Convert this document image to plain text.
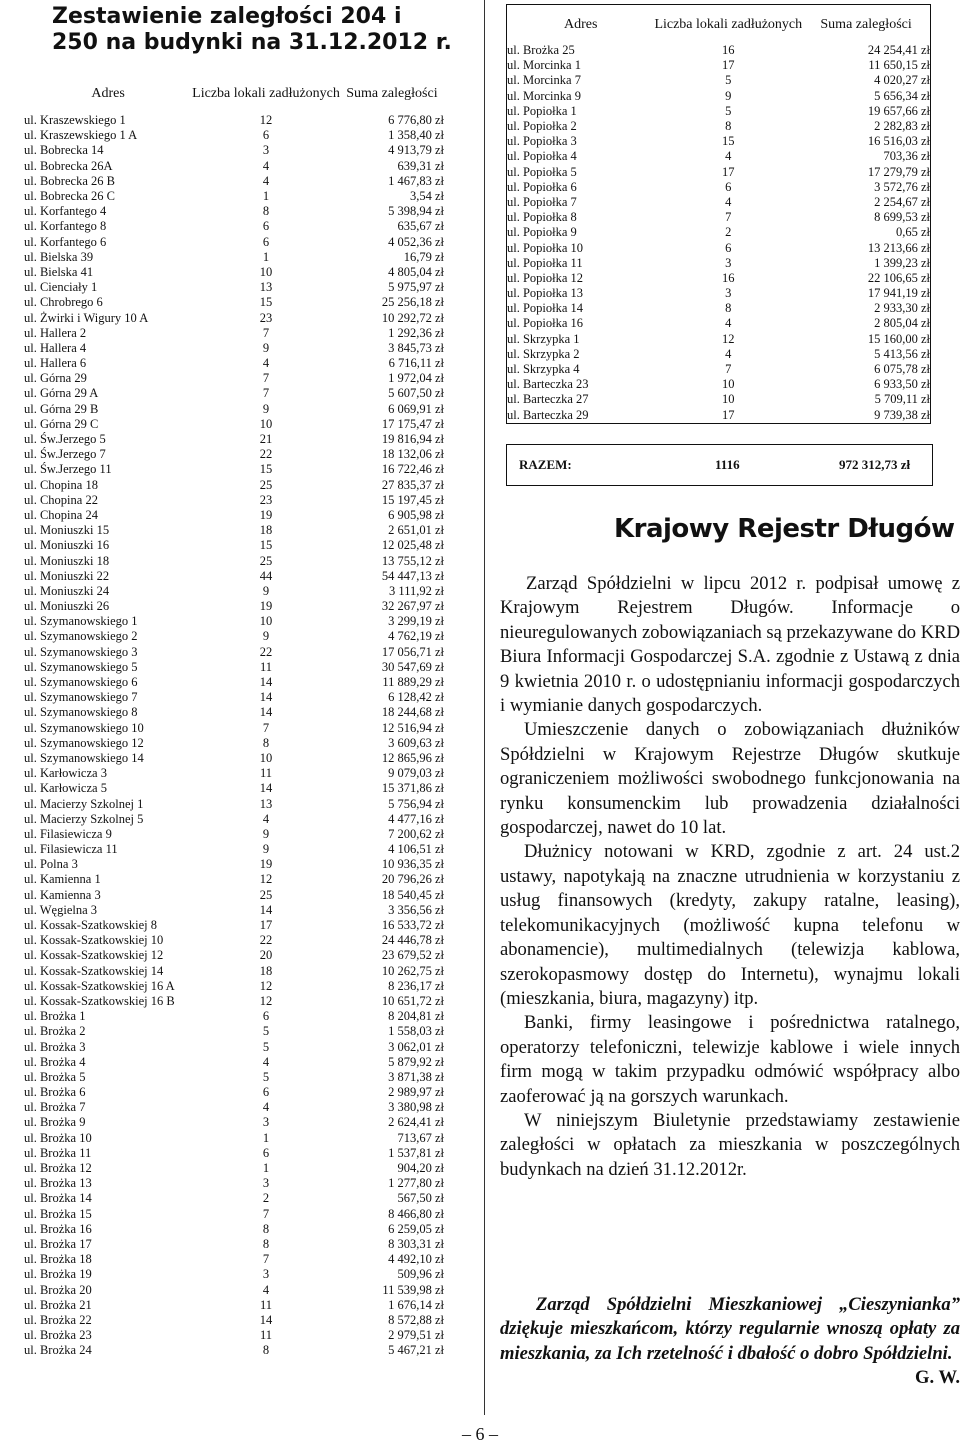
Zestawienie zaległości 204 i 250 na budynki na 31.12.2012 r.
Adres	Liczba lokali zadłużonych	Suma zaległości
ul. Kraszewskiego 1	12	6 776,80 zł
ul. Kraszewskiego 1 A	6	1 358,40 zł
ul. Bobrecka 14	3	4 913,79 zł
ul. Bobrecka 26A	4	639,31 zł
ul. Bobrecka 26 B	4	1 467,83 zł
ul. Bobrecka 26 C	1	3,54 zł
ul. Korfantego 4	8	5 398,94 zł
ul. Korfantego 8	6	635,67 zł
ul. Korfantego 6	6	4 052,36 zł
ul. Bielska 39	1	16,79 zł
ul. Bielska 41	10	4 805,04 zł
ul. Cienciały 1	13	5 975,97 zł
ul. Chrobrego 6	15	25 256,18 zł
ul. Żwirki i Wigury 10 A	23	10 292,72 zł
ul. Hallera 2	7	1 292,36 zł
ul. Hallera 4	9	3 845,73 zł
ul. Hallera 6	4	6 716,11 zł
ul. Górna 29	7	1 972,04 zł
ul. Górna 29 A	7	5 607,50 zł
ul. Górna 29 B	9	6 069,91 zł
ul. Górna 29 C	10	17 175,47 zł
ul. Św.Jerzego 5	21	19 816,94 zł
ul. Św.Jerzego 7	22	18 132,06 zł
ul. Św.Jerzego 11	15	16 722,46 zł
ul. Chopina 18	25	27 835,37 zł
ul. Chopina 22	23	15 197,45 zł
ul. Chopina 24	19	6 905,98 zł
ul. Moniuszki 15	18	2 651,01 zł
ul. Moniuszki 16	15	12 025,48 zł
ul. Moniuszki 18	25	13 755,12 zł
ul. Moniuszki 22	44	54 447,13 zł
ul. Moniuszki 24	9	3 111,92 zł
ul. Moniuszki 26	19	32 267,97 zł
ul. Szymanowskiego 1	10	3 299,19 zł
ul. Szymanowskiego 2	9	4 762,19 zł
ul. Szymanowskiego 3	22	17 056,71 zł
ul. Szymanowskiego 5	11	30 547,69 zł
ul. Szymanowskiego 6	14	11 889,29 zł
ul. Szymanowskiego 7	14	6 128,42 zł
ul. Szymanowskiego 8	14	18 244,68 zł
ul. Szymanowskiego 10	7	12 516,94 zł
ul. Szymanowskiego 12	8	3 609,63 zł
ul. Szymanowskiego 14	10	12 865,96 zł
ul. Karłowicza 3	11	9 079,03 zł
ul. Karłowicza 5	14	15 371,86 zł
ul. Macierzy Szkolnej 1	13	5 756,94 zł
ul. Macierzy Szkolnej 5	4	4 477,16 zł
ul. Filasiewicza 9	9	7 200,62 zł
ul. Filasiewicza 11	9	4 106,51 zł
ul. Polna 3	19	10 936,35 zł
ul. Kamienna 1	12	20 796,26 zł
ul. Kamienna 3	25	18 540,45 zł
ul. Węgielna 3	14	3 356,56 zł
ul. Kossak-Szatkowskiej 8	17	16 533,72 zł
ul. Kossak-Szatkowskiej 10	22	24 446,78 zł
ul. Kossak-Szatkowskiej 12	20	23 679,52 zł
ul. Kossak-Szatkowskiej 14	18	10 262,75 zł
ul. Kossak-Szatkowskiej 16 A	12	8 236,17 zł
ul. Kossak-Szatkowskiej 16 B	12	10 651,72 zł
ul. Brożka 1	6	8 204,81 zł
ul. Brożka 2	5	1 558,03 zł
ul. Brożka 3	5	3 062,01 zł
ul. Brożka 4	4	5 879,92 zł
ul. Brożka 5	5	3 871,38 zł
ul. Brożka 6	6	2 989,97 zł
ul. Brożka 7	4	3 380,98 zł
ul. Brożka 9	3	2 624,41 zł
ul. Brożka 10	1	713,67 zł
ul. Brożka 11	6	1 537,81 zł
ul. Brożka 12	1	904,20 zł
ul. Brożka 13	3	1 277,80 zł
ul. Brożka 14	2	567,50 zł
ul. Brożka 15	7	8 466,80 zł
ul. Brożka 16	8	6 259,05 zł
ul. Brożka 17	8	8 303,31 zł
ul. Brożka 18	7	4 492,10 zł
ul. Brożka 19	3	509,96 zł
ul. Brożka 20	4	11 539,98 zł
ul. Brożka 21	11	1 676,14 zł
ul. Brożka 22	14	8 572,88 zł
ul. Brożka 23	11	2 979,51 zł
ul. Brożka 24	8	5 467,21 zł
Adres	Liczba lokali zadłużonych	Suma zaległości
ul. Brożka 25	16	24 254,41 zł
ul. Morcinka 1	17	11 650,15 zł
ul. Morcinka 7	5	4 020,27 zł
ul. Morcinka 9	9	5 656,34 zł
ul. Popiołka 1	5	19 657,66 zł
ul. Popiołka 2	8	2 282,83 zł
ul. Popiołka 3	15	16 516,03 zł
ul. Popiołka 4	4	703,36 zł
ul. Popiołka 5	17	17 279,79 zł
ul. Popiołka 6	6	3 572,76 zł
ul. Popiołka 7	4	2 254,67 zł
ul. Popiołka 8	7	8 699,53 zł
ul. Popiołka 9	2	0,65 zł
ul. Popiołka 10	6	13 213,66 zł
ul. Popiołka 11	3	1 399,23 zł
ul. Popiołka 12	16	22 106,65 zł
ul. Popiołka 13	3	17 941,19 zł
ul. Popiołka 14	8	2 933,30 zł
ul. Popiołka 16	4	2 805,04 zł
ul. Skrzypka 1	12	15 160,00 zł
ul. Skrzypka 2	4	5 413,56 zł
ul. Skrzypka 4	7	6 075,78 zł
ul. Barteczka 23	10	6 933,50 zł
ul. Barteczka 27	10	5 709,11 zł
ul. Barteczka 29	17	9 739,38 zł
RAZEM:	1116	972 312,73 zł
Krajowy Rejestr Długów

Zarząd Spółdzielni w lipcu 2012 r. podpisał umowę z Krajowym Rejestrem Długów. Informacje o nieuregulowanych zobowiązaniach są przekazywane do KRD Biura Informacji Gospodarczej S.A. zgodnie z Ustawą z dnia 9 kwietnia 2010 r. o udostępnianiu informacji gospodarczych i wymianie danych gospodarczych.

Umieszczenie danych o zobowiązaniach dłużników Spółdzielni w Krajowym Rejestrze Długów skutkuje ograniczeniem możliwości swobodnego funkcjonowania na rynku konsumenckim lub prowadzenia działalności gospodarczej, nawet do 10 lat.

Dłużnicy notowani w KRD, zgodnie z art. 24 ust.2 ustawy, napotykają na znaczne utrudnienia w korzystaniu z usług finansowych (kredyty, zakupy ratalne, leasing), telekomunikacyjnych (możliwość kupna telefonu w abonamencie), multimedialnych (telewizja kablowa, szerokopasmowy dostęp do Internetu), wynajmu lokali (mieszkania, biura, magazyny) itp.

Banki, firmy leasingowe i pośrednictwa ratalnego, operatorzy telefoniczni, telewizje kablowe i wiele innych firm mogą w takim przypadku odmówić współpracy albo zaoferować ją na gorszych warunkach.

W niniejszym Biuletynie przedstawiamy zestawienie zaległości w opłatach za mieszkania w poszczególnych budynkach na dzień 31.12.2012r.

Zarząd Spółdzielni Mieszkaniowej „Cieszynianka” dziękuje mieszkańcom, którzy regularnie wnoszą opłaty za mieszkania, za Ich rzetelność i dbałość o dobro Spółdzielni.

G. W.
– 6 –
